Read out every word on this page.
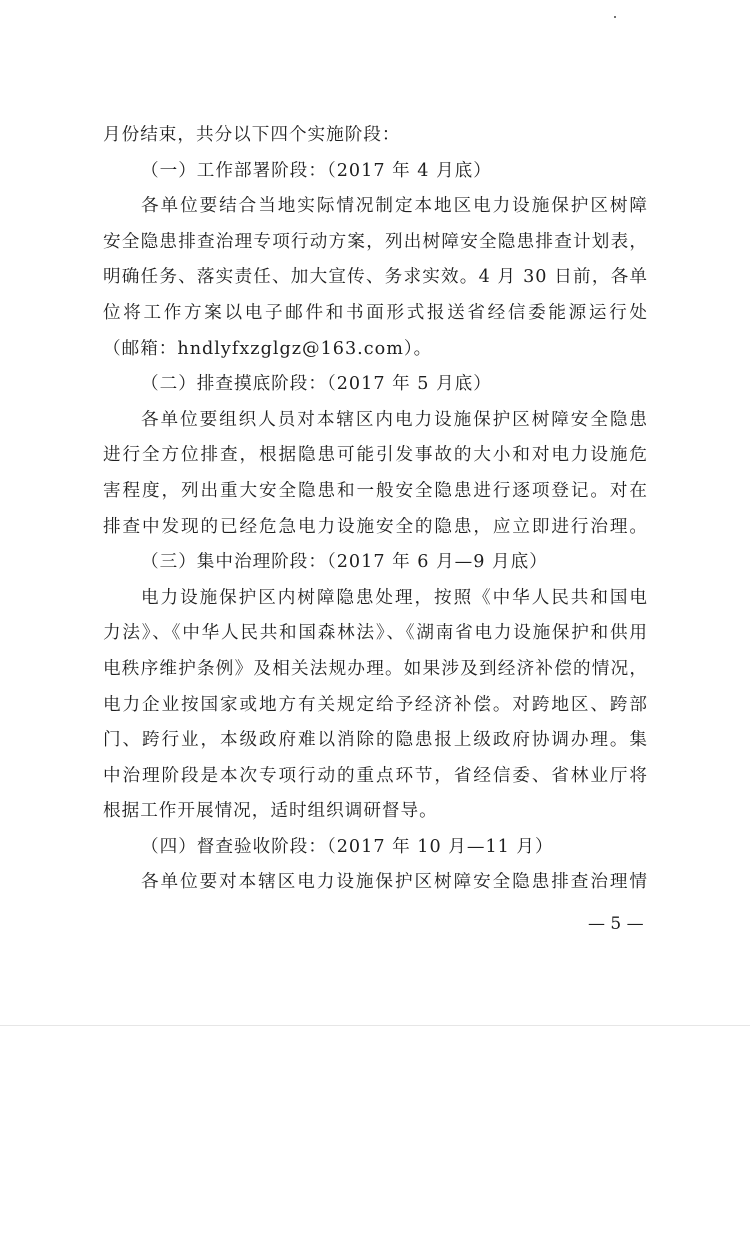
月份结束，共分以下四个实施阶段：
（一）工作部署阶段：（2017 年 4 月底）
各单位要结合当地实际情况制定本地区电力设施保护区树障
安全隐患排查治理专项行动方案，列出树障安全隐患排查计划表，
明确任务、落实责任、加大宣传、务求实效。4 月 30 日前，各单
位将工作方案以电子邮件和书面形式报送省经信委能源运行处
（邮箱：hndlyfxzglgz@163.com）。
（二）排查摸底阶段：（2017 年 5 月底）
各单位要组织人员对本辖区内电力设施保护区树障安全隐患
进行全方位排查，根据隐患可能引发事故的大小和对电力设施危
害程度，列出重大安全隐患和一般安全隐患进行逐项登记。对在
排查中发现的已经危急电力设施安全的隐患，应立即进行治理。
（三）集中治理阶段：（2017 年 6 月—9 月底）
电力设施保护区内树障隐患处理，按照《中华人民共和国电
力法》、《中华人民共和国森林法》、《湖南省电力设施保护和供用
电秩序维护条例》及相关法规办理。如果涉及到经济补偿的情况，
电力企业按国家或地方有关规定给予经济补偿。对跨地区、跨部
门、跨行业，本级政府难以消除的隐患报上级政府协调办理。集
中治理阶段是本次专项行动的重点环节，省经信委、省林业厅将
根据工作开展情况，适时组织调研督导。
（四）督查验收阶段：（2017 年 10 月—11 月）
各单位要对本辖区电力设施保护区树障安全隐患排查治理情
— 5 —
